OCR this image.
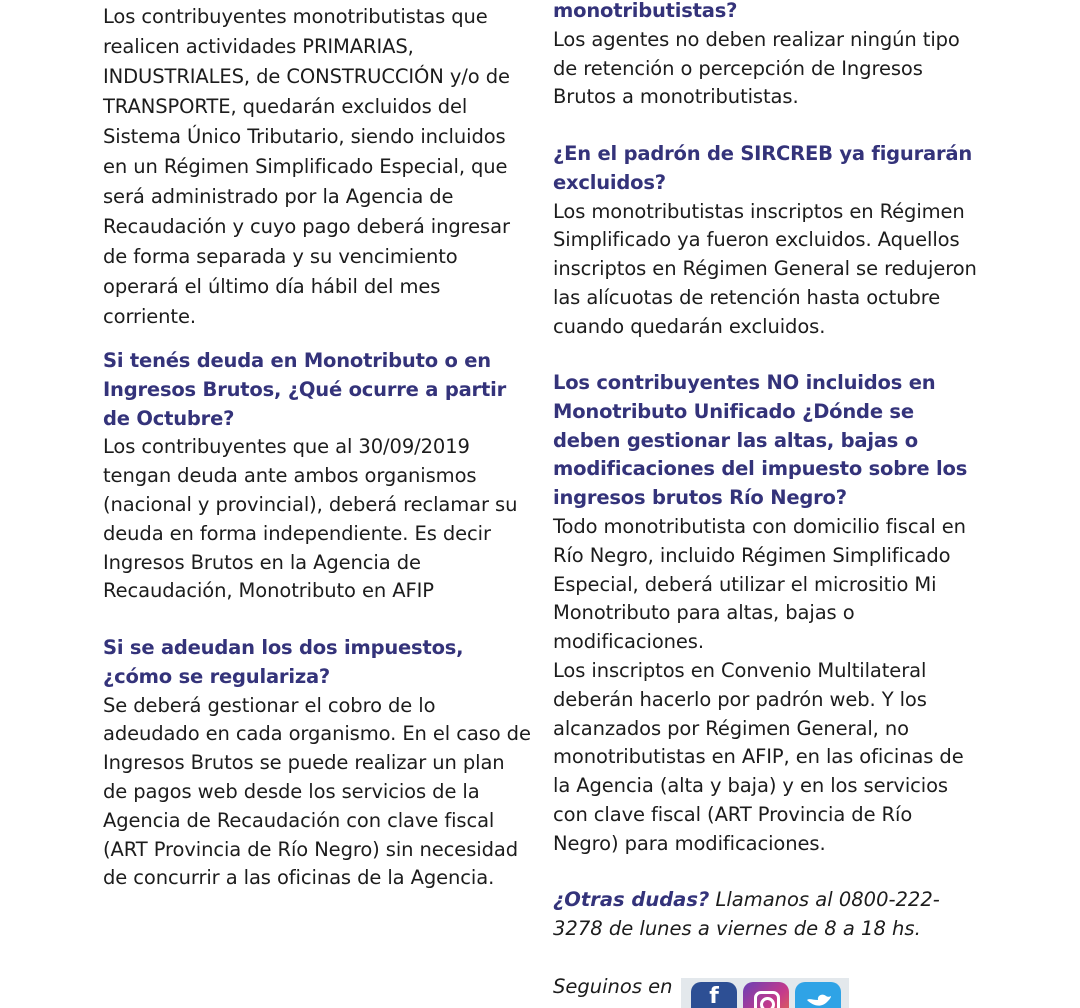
Los contribuyentes monotributistas que realicen actividades PRIMARIAS, INDUSTRIALES, de CONSTRUCCIÓN y/o de TRANSPORTE, quedarán excluidos del Sistema Único Tributario, siendo incluidos en un Régimen Simplificado Especial, que será administrado por la Agencia de Recaudación y cuyo pago deberá ingresar de forma separada y su vencimiento operará el último día hábil del mes corriente.

Si tenés deuda en Monotributo o en Ingresos Brutos, ¿Qué ocurre a partir de Octubre?

Los contribuyentes que al 30/09/2019 tengan deuda ante ambos organismos (nacional y provincial), deberá reclamar su deuda en forma independiente. Es decir Ingresos Brutos en la Agencia de Recaudación, Monotributo en AFIP

Si se adeudan los dos impuestos, ¿cómo se regulariza?

Se deberá gestionar el cobro de lo adeudado en cada organismo. En el caso de Ingresos Brutos se puede realizar un plan de pagos web desde los servicios de la Agencia de Recaudación con clave fiscal (ART Provincia de Río Negro) sin necesidad de concurrir a las oficinas de la Agencia.

monotributistas?

Los agentes no deben realizar ningún tipo de retención o percepción de Ingresos Brutos a monotributistas.

¿En el padrón de SIRCREB ya figurarán excluidos?

Los monotributistas inscriptos en Régimen Simplificado ya fueron excluidos. Aquellos inscriptos en Régimen General se redujeron las alícuotas de retención hasta octubre cuando quedarán excluidos.

Los contribuyentes NO incluidos en Monotributo Unificado ¿Dónde se deben gestionar las altas, bajas o modificaciones del impuesto sobre los ingresos brutos Río Negro?

Todo monotributista con domicilio fiscal en Río Negro, incluido Régimen Simplificado Especial, deberá utilizar el micrositio Mi Monotributo para altas, bajas o modificaciones.

Los inscriptos en Convenio Multilateral deberán hacerlo por padrón web. Y los alcanzados por Régimen General, no monotributistas en AFIP, en las oficinas de la Agencia (alta y baja) y en los servicios con clave fiscal (ART Provincia de Río Negro) para modificaciones.

¿Otras dudas? Llamanos al 0800-222-3278 de lunes a viernes de 8 a 18 hs.
Seguinos en	f
